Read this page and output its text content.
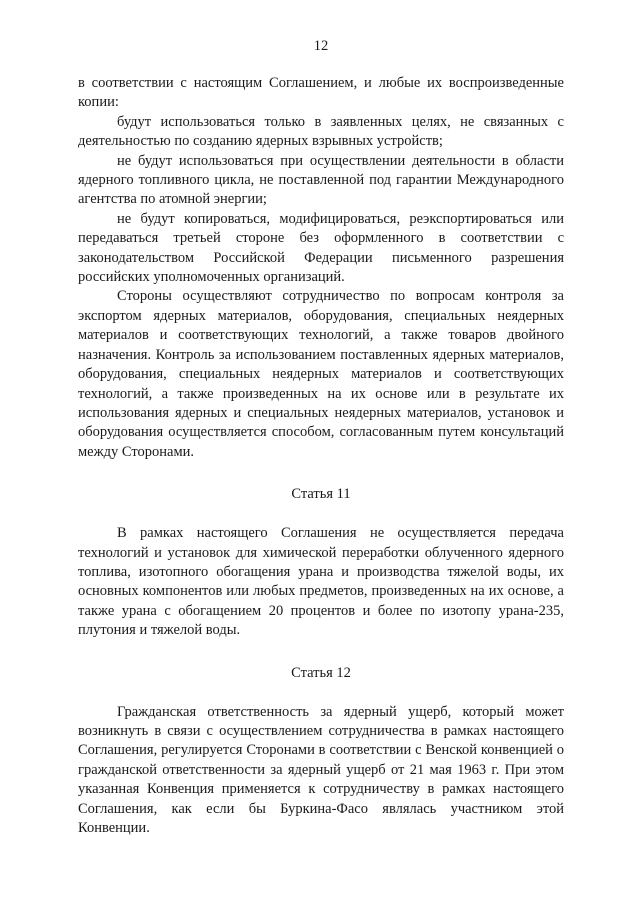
12

в соответствии с настоящим Соглашением, и любые их воспроизведенные копии:

будут использоваться только в заявленных целях, не связанных с деятельностью по созданию ядерных взрывных устройств;

не будут использоваться при осуществлении деятельности в области ядерного топливного цикла, не поставленной под гарантии Международного агентства по атомной энергии;

не будут копироваться, модифицироваться, реэкспортироваться или передаваться третьей стороне без оформленного в соответствии с законодательством Российской Федерации письменного разрешения российских уполномоченных организаций.

Стороны осуществляют сотрудничество по вопросам контроля за экспортом ядерных материалов, оборудования, специальных неядерных материалов и соответствующих технологий, а также товаров двойного назначения. Контроль за использованием поставленных ядерных материалов, оборудования, специальных неядерных материалов и соответствующих технологий, а также произведенных на их основе или в результате их использования ядерных и специальных неядерных материалов, установок и оборудования осуществляется способом, согласованным путем консультаций между Сторонами.

Статья 11

В рамках настоящего Соглашения не осуществляется передача технологий и установок для химической переработки облученного ядерного топлива, изотопного обогащения урана и производства тяжелой воды, их основных компонентов или любых предметов, произведенных на их основе, а также урана с обогащением 20 процентов и более по изотопу урана-235, плутония и тяжелой воды.

Статья 12

Гражданская ответственность за ядерный ущерб, который может возникнуть в связи с осуществлением сотрудничества в рамках настоящего Соглашения, регулируется Сторонами в соответствии с Венской конвенцией о гражданской ответственности за ядерный ущерб от 21 мая 1963 г. При этом указанная Конвенция применяется к сотрудничеству в рамках настоящего Соглашения, как если бы Буркина-Фасо являлась участником этой Конвенции.
